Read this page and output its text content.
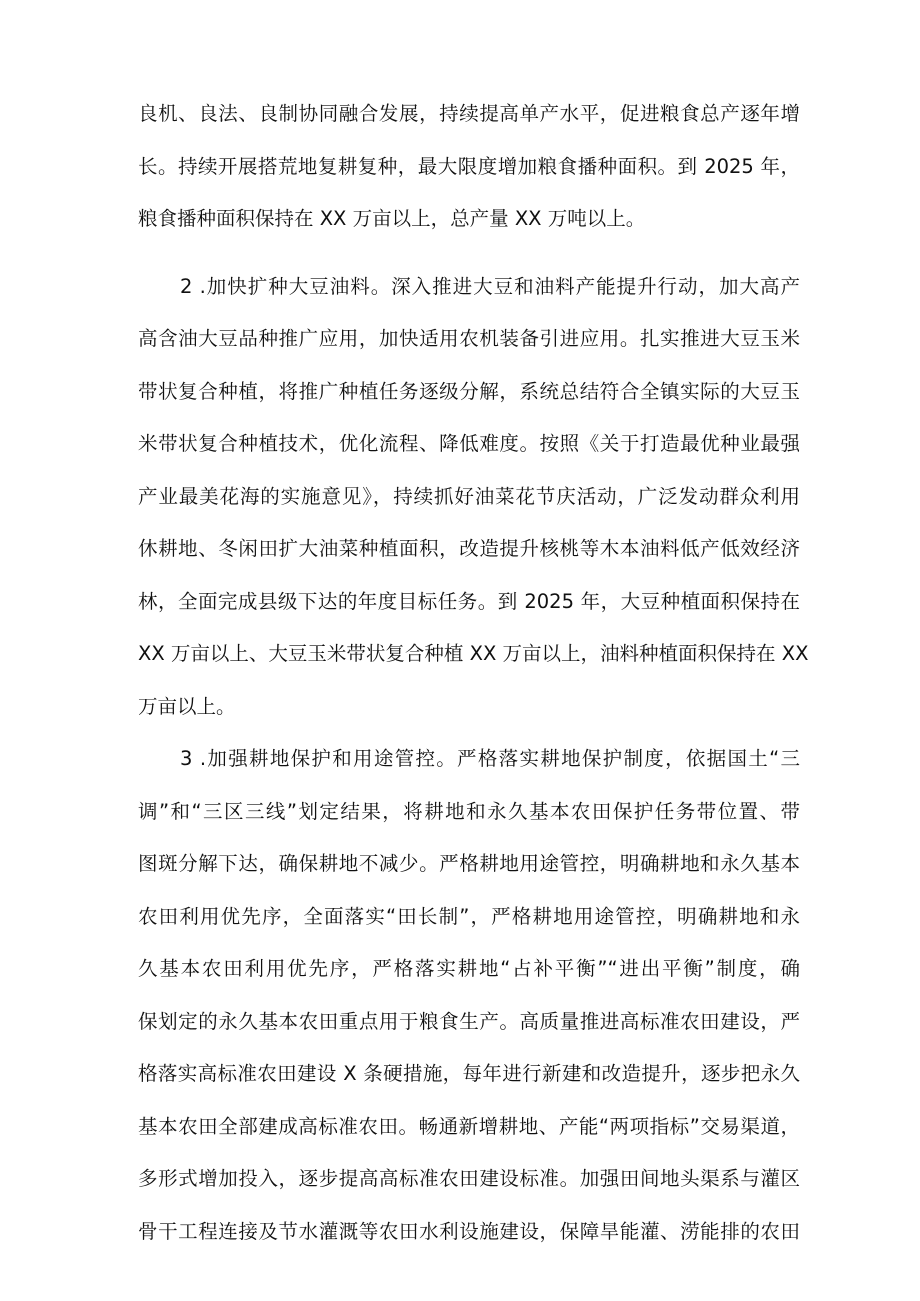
良机、良法、良制协同融合发展，持续提高单产水平，促进粮食总产逐年增
长。持续开展搭荒地复耕复种，最大限度增加粮食播种面积。到 2025 年，
粮食播种面积保持在 XX 万亩以上，总产量 XX 万吨以上。
2 .加快扩种大豆油料。深入推进大豆和油料产能提升行动，加大高产
高含油大豆品种推广应用，加快适用农机装备引进应用。扎实推进大豆玉米
带状复合种植，将推广种植任务逐级分解，系统总结符合全镇实际的大豆玉
米带状复合种植技术，优化流程、降低难度。按照《关于打造最优种业最强
产业最美花海的实施意见》，持续抓好油菜花节庆活动，广泛发动群众利用
休耕地、冬闲田扩大油菜种植面积，改造提升核桃等木本油料低产低效经济
林，全面完成县级下达的年度目标任务。到 2025 年，大豆种植面积保持在
XX 万亩以上、大豆玉米带状复合种植 XX 万亩以上，油料种植面积保持在 XX
万亩以上。
3 .加强耕地保护和用途管控。严格落实耕地保护制度，依据国土“三
调”和“三区三线”划定结果，将耕地和永久基本农田保护任务带位置、带
图斑分解下达，确保耕地不减少。严格耕地用途管控，明确耕地和永久基本
农田利用优先序，全面落实“田长制”，严格耕地用途管控，明确耕地和永
久基本农田利用优先序，严格落实耕地“占补平衡”“进出平衡”制度，确
保划定的永久基本农田重点用于粮食生产。高质量推进高标准农田建设，严
格落实高标准农田建设 X 条硬措施，每年进行新建和改造提升，逐步把永久
基本农田全部建成高标准农田。畅通新增耕地、产能“两项指标”交易渠道，
多形式增加投入，逐步提高高标准农田建设标准。加强田间地头渠系与灌区
骨干工程连接及节水灌溉等农田水利设施建设，保障旱能灌、涝能排的农田
